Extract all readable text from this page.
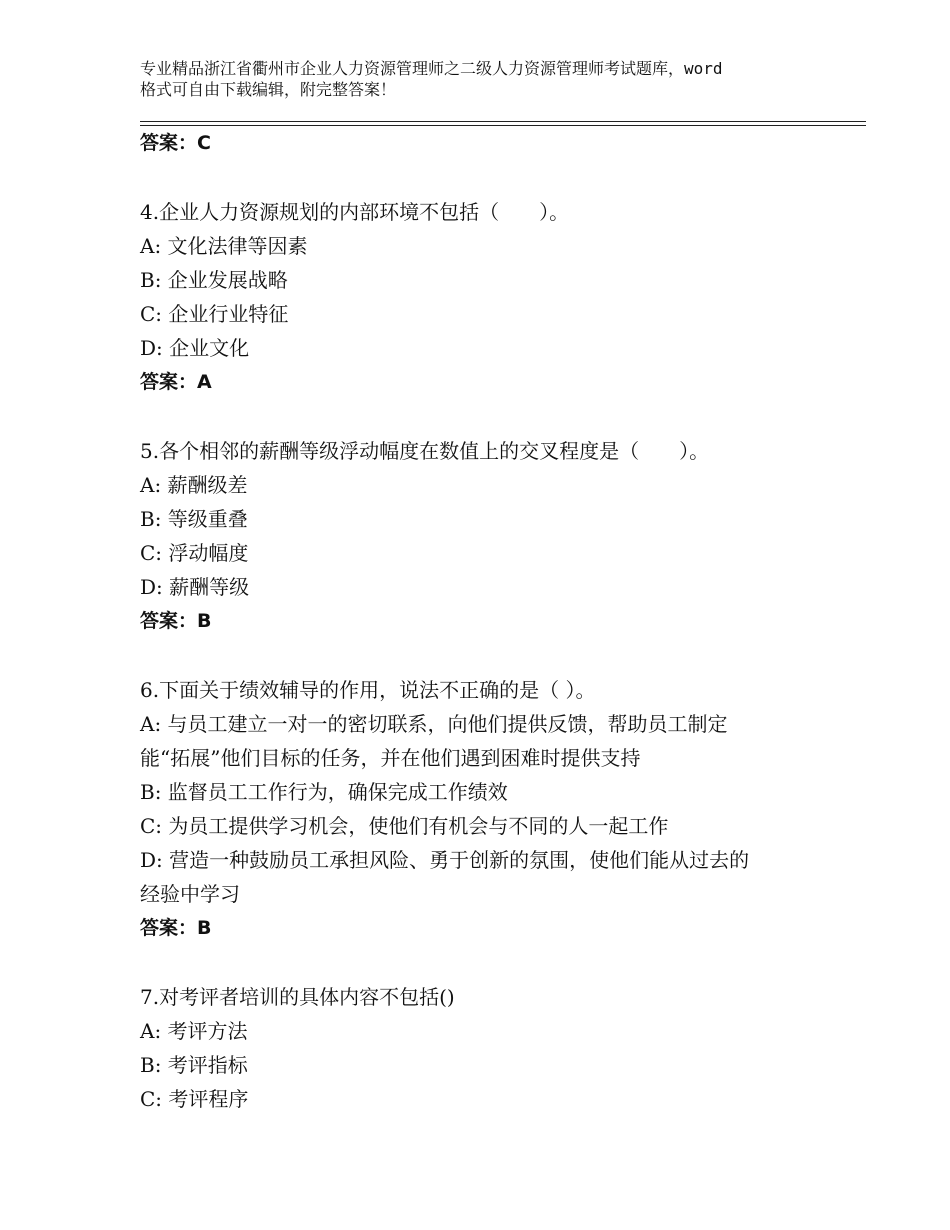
专业精品浙江省衢州市企业人力资源管理师之二级人力资源管理师考试题库，word
格式可自由下载编辑，附完整答案！
答案：C
4.企业人力资源规划的内部环境不包括（　　）。
A: 文化法律等因素
B: 企业发展战略
C: 企业行业特征
D: 企业文化
答案：A
5.各个相邻的薪酬等级浮动幅度在数值上的交叉程度是（　　）。
A: 薪酬级差
B: 等级重叠
C: 浮动幅度
D: 薪酬等级
答案：B
6.下面关于绩效辅导的作用，说法不正确的是（ ）。
A: 与员工建立一对一的密切联系，向他们提供反馈，帮助员工制定
能“拓展”他们目标的任务，并在他们遇到困难时提供支持
B: 监督员工工作行为，确保完成工作绩效
C: 为员工提供学习机会，使他们有机会与不同的人一起工作
D: 营造一种鼓励员工承担风险、勇于创新的氛围，使他们能从过去的
经验中学习
答案：B
7.对考评者培训的具体内容不包括()
A: 考评方法
B: 考评指标
C: 考评程序
